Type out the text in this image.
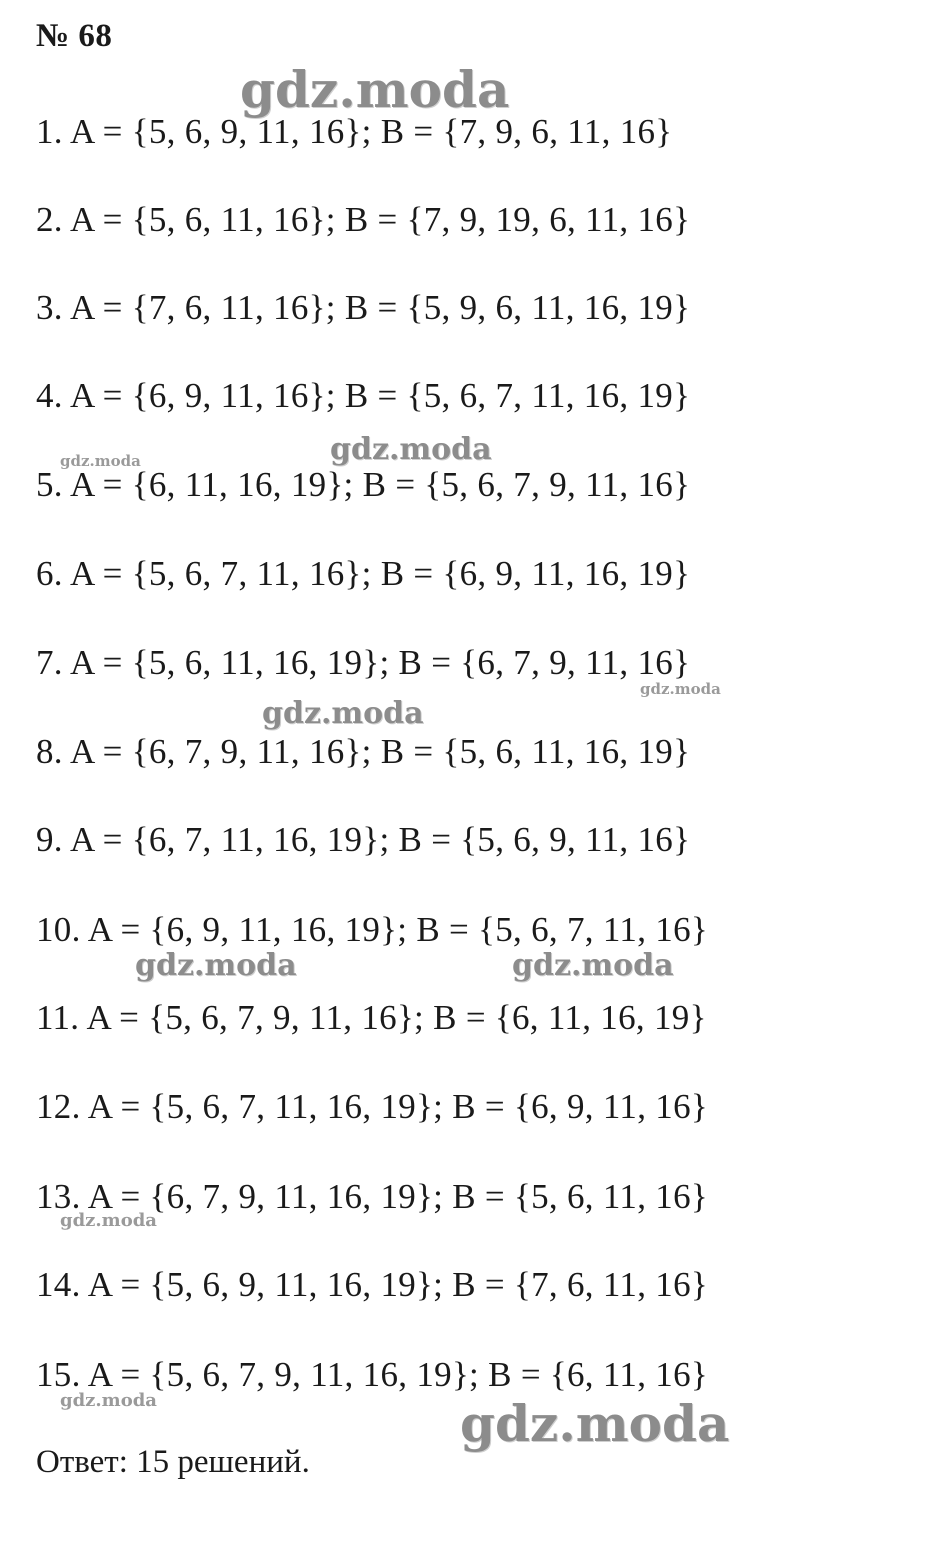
№ 68
1. A = {5, 6, 9, 11, 16}; B = {7, 9, 6, 11, 16}
2. A = {5, 6, 11, 16}; B = {7, 9, 19, 6, 11, 16}
3. A = {7, 6, 11, 16}; B = {5, 9, 6, 11, 16, 19}
4. A = {6, 9, 11, 16}; B = {5, 6, 7, 11, 16, 19}
5. A = {6, 11, 16, 19}; B = {5, 6, 7, 9, 11, 16}
6. A = {5, 6, 7, 11, 16}; B = {6, 9, 11, 16, 19}
7. A = {5, 6, 11, 16, 19}; B = {6, 7, 9, 11, 16}
8. A = {6, 7, 9, 11, 16}; B = {5, 6, 11, 16, 19}
9. A = {6, 7, 11, 16, 19}; B = {5, 6, 9, 11, 16}
10. A = {6, 9, 11, 16, 19}; B = {5, 6, 7, 11, 16}
11. A = {5, 6, 7, 9, 11, 16}; B = {6, 11, 16, 19}
12. A = {5, 6, 7, 11, 16, 19}; B = {6, 9, 11, 16}
13. A = {6, 7, 9, 11, 16, 19}; B = {5, 6, 11, 16}
14. A = {5, 6, 9, 11, 16, 19}; B = {7, 6, 11, 16}
15. A = {5, 6, 7, 9, 11, 16, 19}; B = {6, 11, 16}
Ответ: 15 решений.
gdz.moda
gdz.moda
gdz.moda
gdz.moda
gdz.moda
gdz.moda	gdz.moda
gdz.moda
gdz.moda	gdz.moda
